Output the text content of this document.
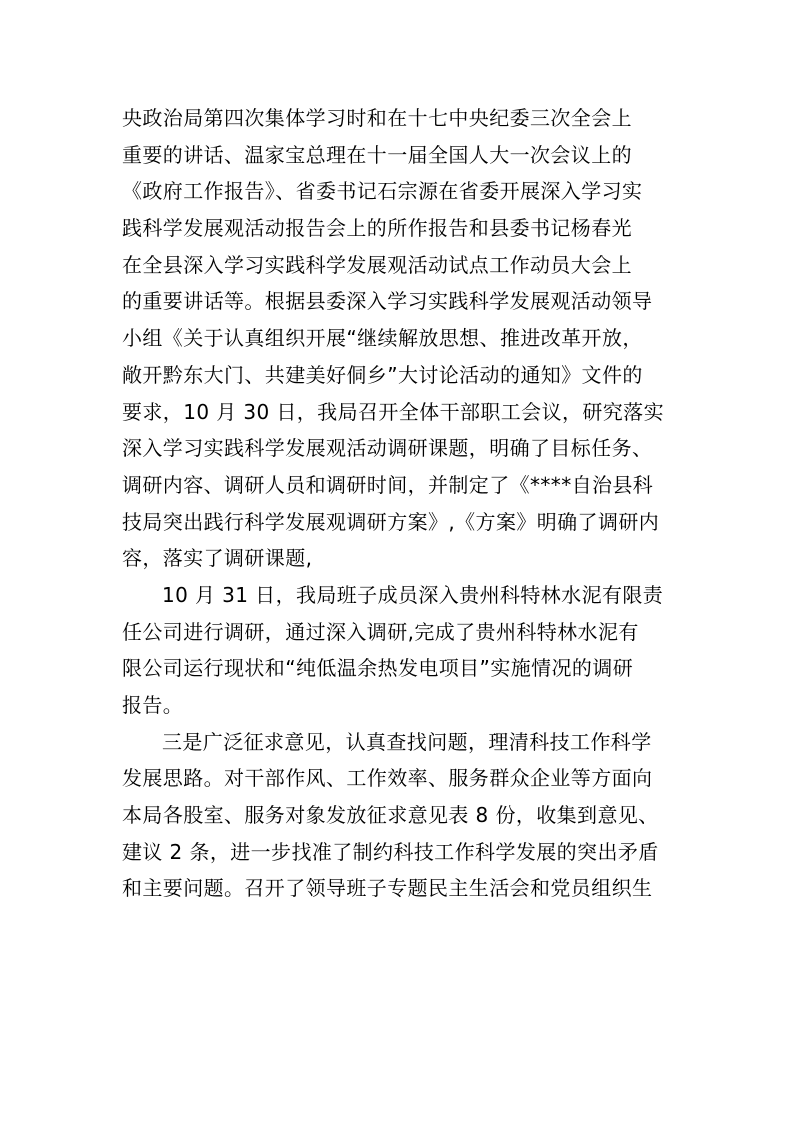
央政治局第四次集体学习时和在十七中央纪委三次全会上
重要的讲话、温家宝总理在十一届全国人大一次会议上的
《政府工作报告》、省委书记石宗源在省委开展深入学习实
践科学发展观活动报告会上的所作报告和县委书记杨春光
在全县深入学习实践科学发展观活动试点工作动员大会上
的重要讲话等。根据县委深入学习实践科学发展观活动领导
小组《关于认真组织开展“继续解放思想、推进改革开放，
敞开黔东大门、共建美好侗乡”大讨论活动的通知》文件的
要求，10 月 30 日，我局召开全体干部职工会议，研究落实
深入学习实践科学发展观活动调研课题，明确了目标任务、
调研内容、调研人员和调研时间，并制定了《****自治县科
技局突出践行科学发展观调研方案》,《方案》明确了调研内
容，落实了调研课题,
10 月 31 日，我局班子成员深入贵州科特林水泥有限责
任公司进行调研，通过深入调研,完成了贵州科特林水泥有
限公司运行现状和“纯低温余热发电项目”实施情况的调研
报告。
三是广泛征求意见，认真查找问题，理清科技工作科学
发展思路。对干部作风、工作效率、服务群众企业等方面向
本局各股室、服务对象发放征求意见表 8 份，收集到意见、
建议 2 条，进一步找准了制约科技工作科学发展的突出矛盾
和主要问题。召开了领导班子专题民主生活会和党员组织生
